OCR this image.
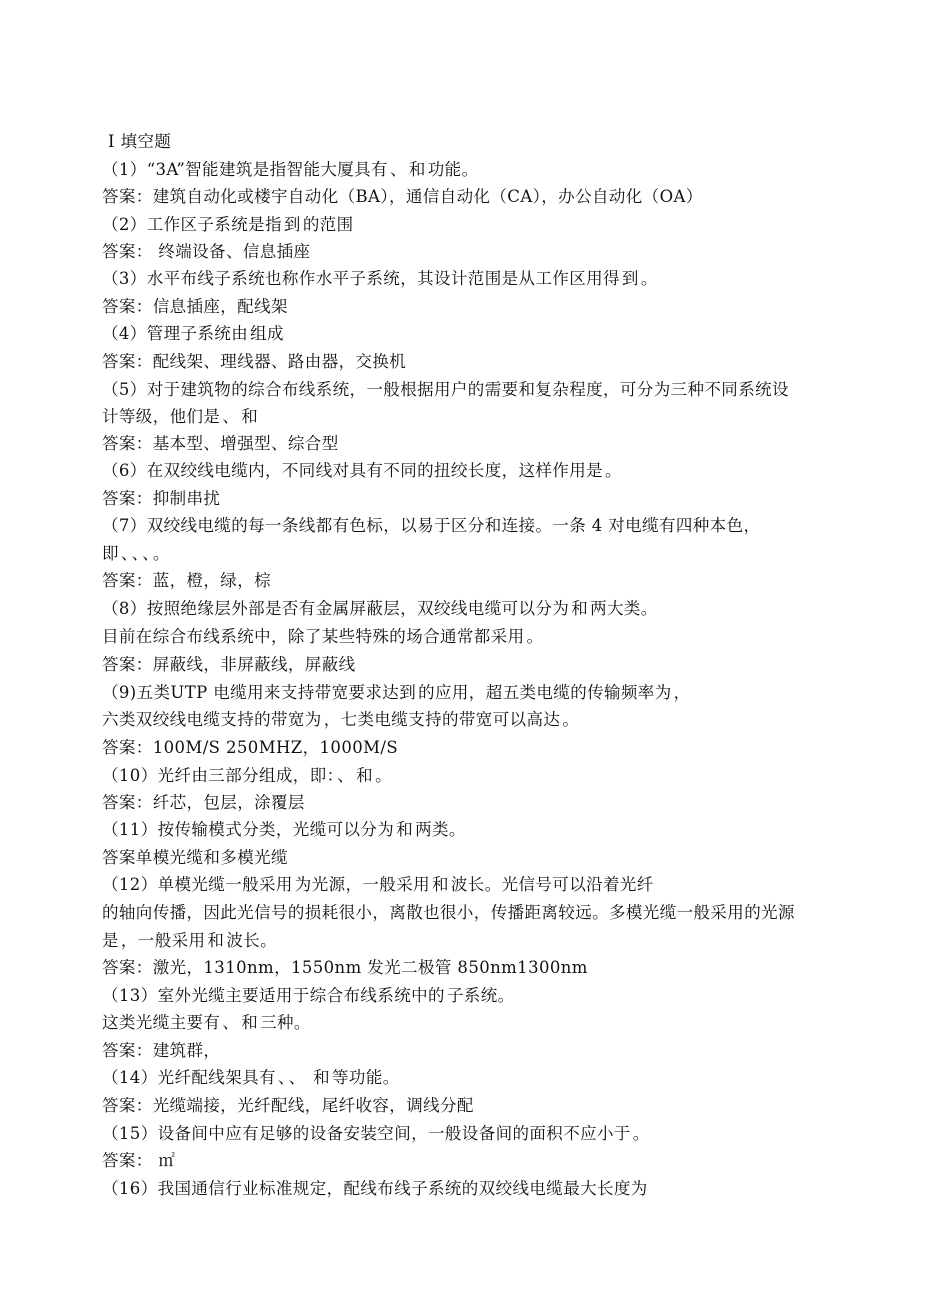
Ⅰ 填空题
（1）“3A”智能建筑是指智能大厦具有 、 和 功能。
答案：建筑自动化或楼宇自动化（BA），通信自动化（CA），办公自动化（OA）
（2）工作区子系统是指 到 的范围
答案： 终端设备、信息插座
（3）水平布线子系统也称作水平子系统，其设计范围是从工作区用得 到 。
答案：信息插座，配线架
（4）管理子系统由 组成
答案：配线架、理线器、路由器，交换机
（5）对于建筑物的综合布线系统，一般根据用户的需要和复杂程度，可分为三种不同系统设
计等级，他们是 、 和
答案：基本型、增强型、综合型
（6）在双绞线电缆内，不同线对具有不同的扭绞长度，这样作用是 。
答案：抑制串扰
（7）双绞线电缆的每一条线都有色标，以易于区分和连接。一条 4 对电缆有四种本色，
即 、 、 、 。
答案：蓝，橙，绿，棕
（8）按照绝缘层外部是否有金属屏蔽层，双绞线电缆可以分为 和 两大类。
目前在综合布线系统中，除了某些特殊的场合通常都采用 。
答案：屏蔽线，非屏蔽线，屏蔽线
（9)五类UTP 电缆用来支持带宽要求达到 的应用，超五类电缆的传输频率为 ，
六类双绞线电缆支持的带宽为 ，七类电缆支持的带宽可以高达 。
答案：100M/S 250MHZ，1000M/S
（10）光纤由三部分组成，即： 、 和 。
答案：纤芯，包层，涂覆层
（11）按传输模式分类，光缆可以分为 和 两类。
答案单模光缆和多模光缆
（12）单模光缆一般采用 为光源，一般采用 和 波长。光信号可以沿着光纤
的轴向传播，因此光信号的损耗很小，离散也很小，传播距离较远。多模光缆一般采用的光源
是 ，一般采用 和 波长。
答案：激光，1310nm，1550nm 发光二极管 850nm1300nm
（13）室外光缆主要适用于综合布线系统中的 子系统。
这类光缆主要有 、 和 三种。
答案：建筑群，
（14）光纤配线架具有 、 、 和 等功能。
答案：光缆端接，光纤配线，尾纤收容，调线分配
（15）设备间中应有足够的设备安装空间，一般设备间的面积不应小于 。
答案： ㎡
（16）我国通信行业标准规定，配线布线子系统的双绞线电缆最大长度为
